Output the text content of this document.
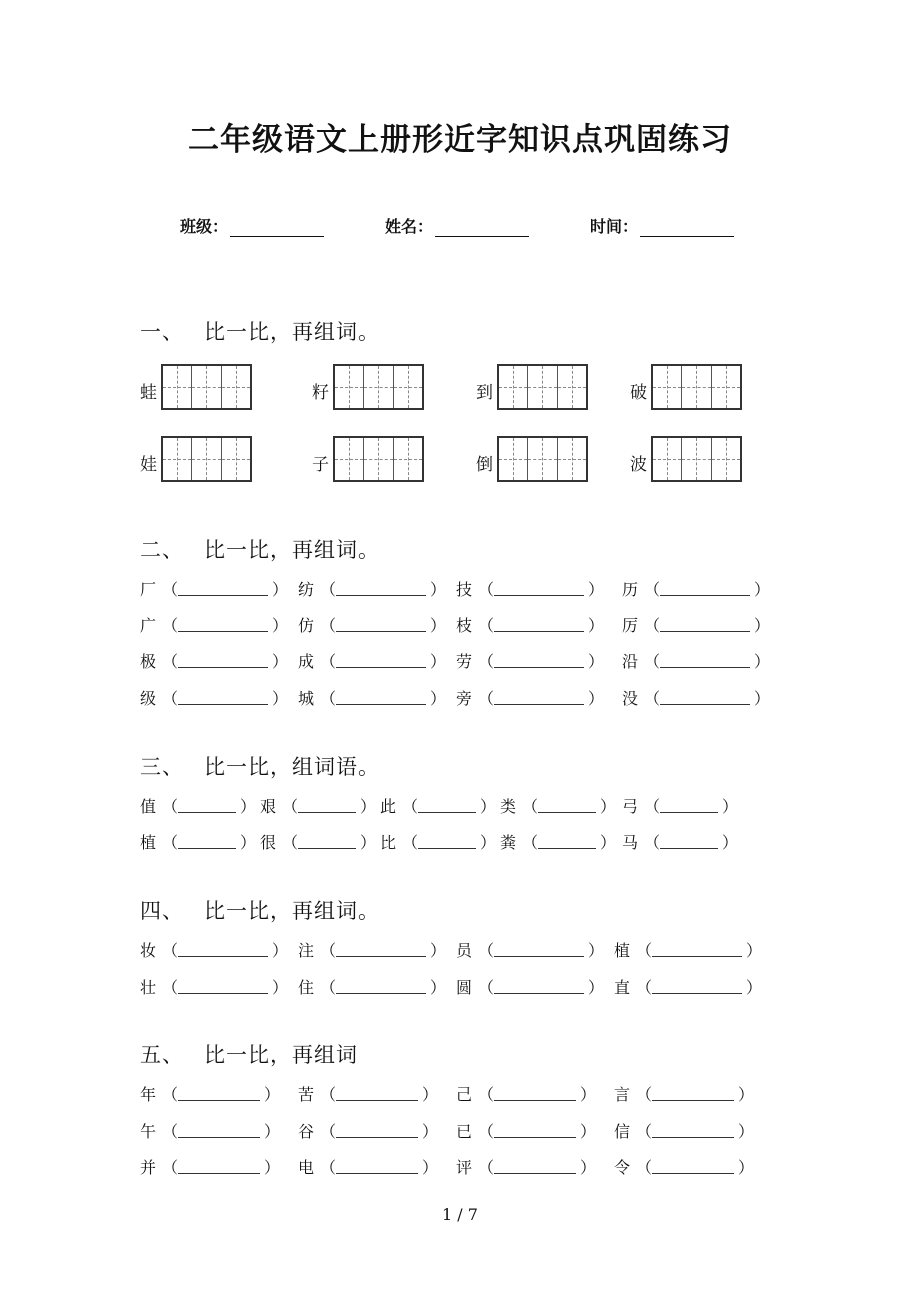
二年级语文上册形近字知识点巩固练习
班级：	姓名：	时间：
一、 比一比，再组词。
二、 比一比，再组词。
三、 比一比，组词语。
四、 比一比，再组词。
五、 比一比，再组词
1 / 7
蛙	籽	到	破
娃	子	倒	波
厂 （	） 纺 （	） 技 （	） 历 （	）
广 （	） 仿 （	） 枝 （	） 厉 （	）
极 （	） 成 （	） 劳 （	） 沿 （	）
级 （	） 城 （	） 旁 （	） 没 （	）
值 （	） 艰 （	） 此 （	） 类 （	） 弓 （	）
植 （	） 很 （	） 比 （	） 粪 （	） 马 （	）
妆 （	） 注 （	） 员 （	） 植 （	）
壮 （	） 住 （	） 圆 （	） 直 （	）
年 （	） 苦 （	） 己 （	） 言 （	）
午 （	） 谷 （	） 已 （	） 信 （	）
并 （	） 电 （	） 评 （	） 令 （	）
